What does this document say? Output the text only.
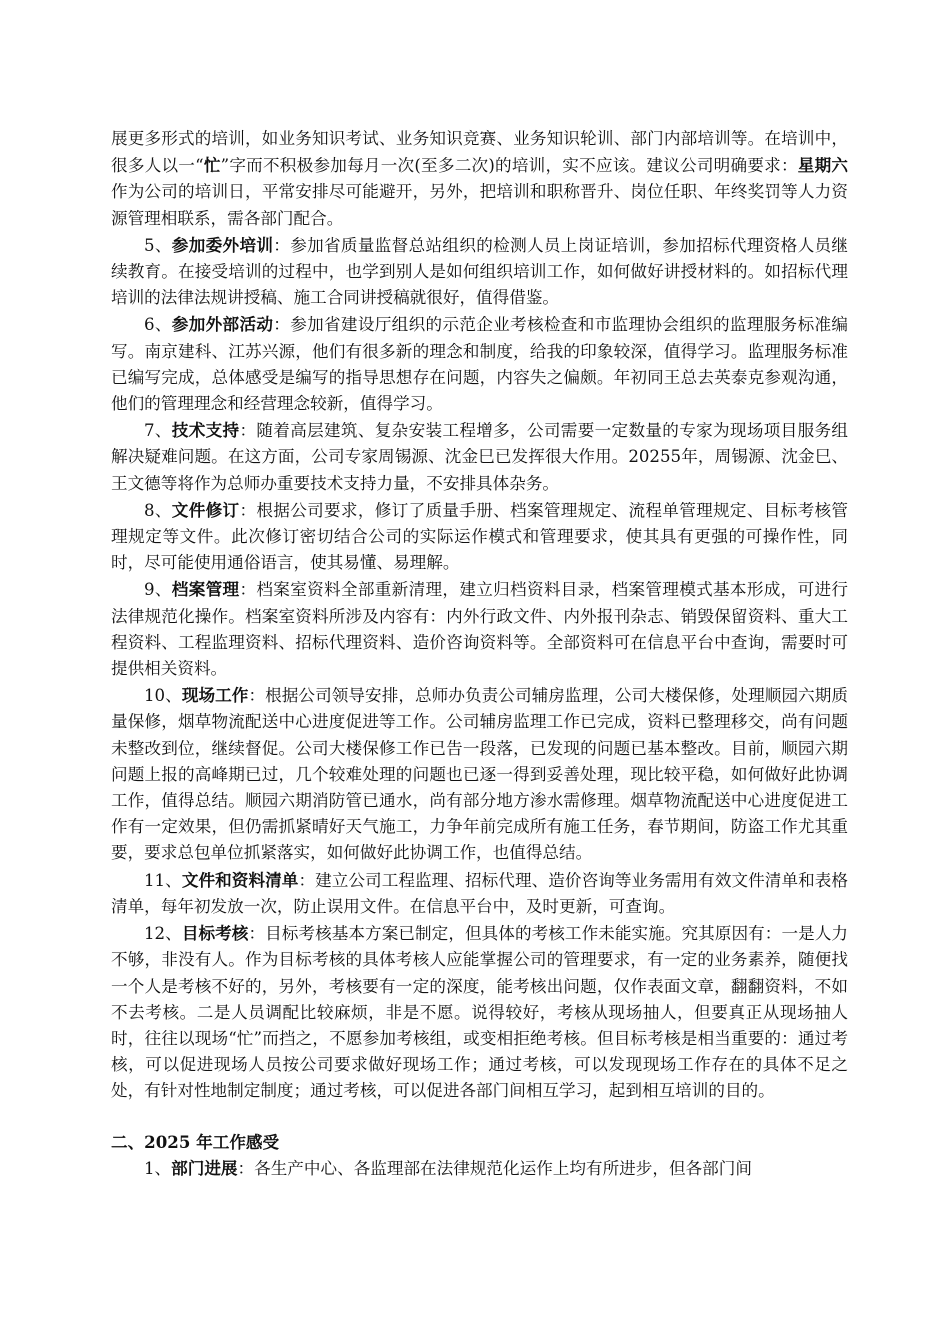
展更多形式的培训，如业务知识考试、业务知识竞赛、业务知识轮训、部门内部培训等。在培训中，很多人以一“忙”字而不积极参加每月一次(至多二次)的培训，实不应该。建议公司明确要求：星期六作为公司的培训日，平常安排尽可能避开，另外，把培训和职称晋升、岗位任职、年终奖罚等人力资源管理相联系，需各部门配合。

5、参加委外培训：参加省质量监督总站组织的检测人员上岗证培训，参加招标代理资格人员继续教育。在接受培训的过程中，也学到别人是如何组织培训工作，如何做好讲授材料的。如招标代理培训的法律法规讲授稿、施工合同讲授稿就很好，值得借鉴。

6、参加外部活动：参加省建设厅组织的示范企业考核检查和市监理协会组织的监理服务标准编写。南京建科、江苏兴源，他们有很多新的理念和制度，给我的印象较深，值得学习。监理服务标准已编写完成，总体感受是编写的指导思想存在问题，内容失之偏颇。年初同王总去英泰克参观沟通，他们的管理理念和经营理念较新，值得学习。

7、技术支持：随着高层建筑、复杂安装工程增多，公司需要一定数量的专家为现场项目服务组解决疑难问题。在这方面，公司专家周锡源、沈金巳已发挥很大作用。20255年，周锡源、沈金巳、王文德等将作为总师办重要技术支持力量，不安排具体杂务。

8、文件修订：根据公司要求，修订了质量手册、档案管理规定、流程单管理规定、目标考核管理规定等文件。此次修订密切结合公司的实际运作模式和管理要求，使其具有更强的可操作性，同时，尽可能使用通俗语言，使其易懂、易理解。

9、档案管理：档案室资料全部重新清理，建立归档资料目录，档案管理模式基本形成，可进行法律规范化操作。档案室资料所涉及内容有：内外行政文件、内外报刊杂志、销毁保留资料、重大工程资料、工程监理资料、招标代理资料、造价咨询资料等。全部资料可在信息平台中查询，需要时可提供相关资料。

10、现场工作：根据公司领导安排，总师办负责公司辅房监理，公司大楼保修，处理顺园六期质量保修，烟草物流配送中心进度促进等工作。公司辅房监理工作已完成，资料已整理移交，尚有问题未整改到位，继续督促。公司大楼保修工作已告一段落，已发现的问题已基本整改。目前，顺园六期问题上报的高峰期已过，几个较难处理的问题也已逐一得到妥善处理，现比较平稳，如何做好此协调工作，值得总结。顺园六期消防管已通水，尚有部分地方渗水需修理。烟草物流配送中心进度促进工作有一定效果，但仍需抓紧晴好天气施工，力争年前完成所有施工任务，春节期间，防盗工作尤其重要，要求总包单位抓紧落实，如何做好此协调工作，也值得总结。

11、文件和资料清单：建立公司工程监理、招标代理、造价咨询等业务需用有效文件清单和表格清单，每年初发放一次，防止误用文件。在信息平台中，及时更新，可查询。

12、目标考核：目标考核基本方案已制定，但具体的考核工作未能实施。究其原因有：一是人力不够，非没有人。作为目标考核的具体考核人应能掌握公司的管理要求，有一定的业务素养，随便找一个人是考核不好的，另外，考核要有一定的深度，能考核出问题，仅作表面文章，翻翻资料，不如不去考核。二是人员调配比较麻烦，非是不愿。说得较好，考核从现场抽人，但要真正从现场抽人时，往往以现场“忙”而挡之，不愿参加考核组，或变相拒绝考核。但目标考核是相当重要的：通过考核，可以促进现场人员按公司要求做好现场工作；通过考核，可以发现现场工作存在的具体不足之处，有针对性地制定制度；通过考核，可以促进各部门间相互学习，起到相互培训的目的。

二、2025 年工作感受

1、部门进展：各生产中心、各监理部在法律规范化运作上均有所进步，但各部门间
